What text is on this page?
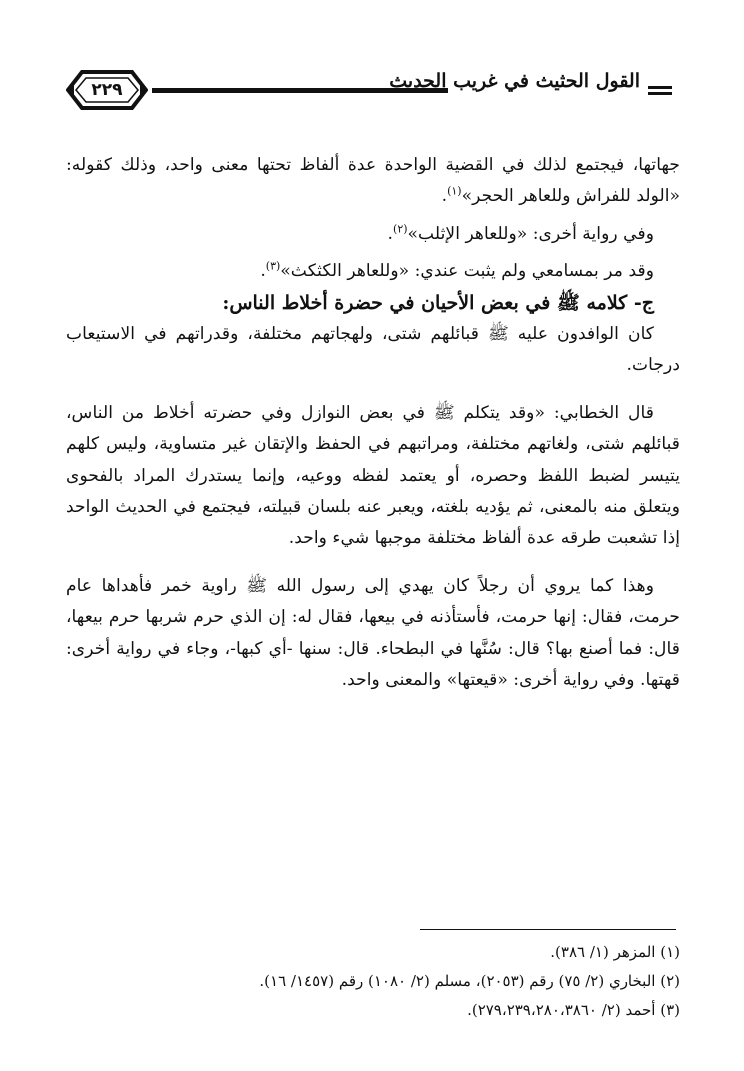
٢٢٩	القول الحثيث في غريب الحديث

جهاتها، فيجتمع لذلك في القضية الواحدة عدة ألفاظ تحتها معنى واحد، وذلك كقوله: «الولد للفراش وللعاهر الحجر»$^{(١)}$.

وفي رواية أخرى: «وللعاهر الإثلب»$^{(٢)}$.

وقد مر بمسامعي ولم يثبت عندي: «وللعاهر الكثكث»$^{(٣)}$.

ج- كلامه ﷺ في بعض الأحيان في حضرة أخلاط الناس:

كان الوافدون عليه ﷺ قبائلهم شتى، ولهجاتهم مختلفة، وقدراتهم في الاستيعاب درجات.

قال الخطابي: «وقد يتكلم ﷺ في بعض النوازل وفي حضرته أخلاط من الناس، قبائلهم شتى، ولغاتهم مختلفة، ومراتبهم في الحفظ والإتقان غير متساوية، وليس كلهم يتيسر لضبط اللفظ وحصره، أو يعتمد لفظه ووعيه، وإنما يستدرك المراد بالفحوى ويتعلق منه بالمعنى، ثم يؤديه بلغته، ويعبر عنه بلسان قبيلته، فيجتمع في الحديث الواحد إذا تشعبت طرقه عدة ألفاظ مختلفة موجبها شيء واحد.

وهذا كما يروي أن رجلاً كان يهدي إلى رسول الله ﷺ راوية خمر فأهداها عام حرمت، فقال: إنها حرمت، فأستأذنه في بيعها، فقال له: إن الذي حرم شربها حرم بيعها، قال: فما أصنع بها؟ قال: سُنَّها في البطحاء. قال: سنها -أي كبها-، وجاء في رواية أخرى: قهتها. وفي رواية أخرى: «قيعتها» والمعنى واحد.

(١) المزهر (١/ ٣٨٦).
(٢) البخاري (٢/ ٧٥) رقم (٢٠٥٣)، مسلم (٢/ ١٠٨٠) رقم (١٤٥٧/ ١٦).
(٣) أحمد (٢/ ٢٧٩،٢٣٩،٢٨٠،٣٨٦٠).
